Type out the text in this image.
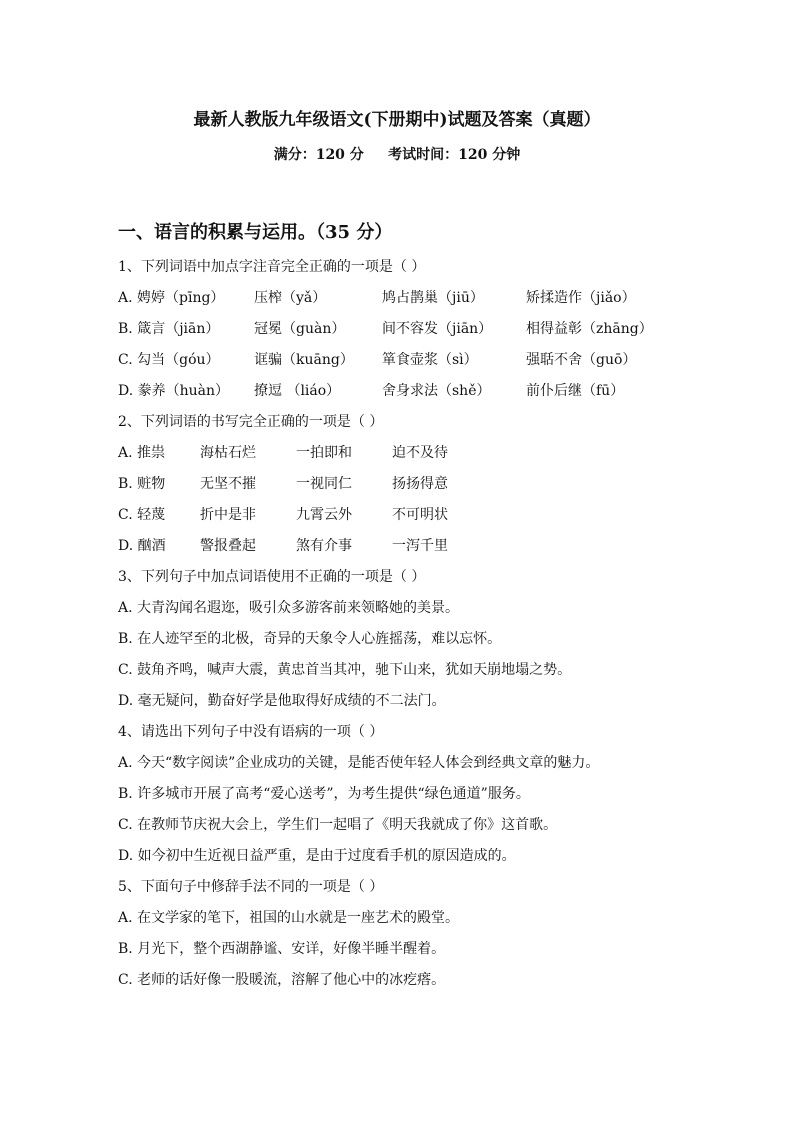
最新人教版九年级语文(下册期中)试题及答案（真题）
满分：120 分     考试时间：120 分钟
一、语言的积累与运用。（35 分）
1、下列词语中加点字注音完全正确的一项是（ ）
A. 娉婷（pīng） 压榨（yǎ）	鸠占鹊巢（jiū）	矫揉造作（jiǎo）
B. 箴言（jiān） 冠冕（guàn）	间不容发（jiān） 相得益彰（zhāng）
C. 勾当（góu） 诓骗（kuāng） 箪食壶浆（sì）	强聒不舍（guō）
D. 豢养（huàn） 撩逗 （liáo）	舍身求法（shě）	前仆后继（fū）
2、下列词语的书写完全正确的一项是（ ）
A. 推祟 海枯石烂	一拍即和	迫不及待
B. 赃物 无坚不摧	一视同仁	扬扬得意
C. 轻蔑 折中是非	九霄云外	不可明状
D. 酗酒 警报叠起	煞有介事	一泻千里
3、下列句子中加点词语使用不正确的一项是（ ）
A. 大青沟闻名遐迩，吸引众多游客前来领略她的美景。
B. 在人迹罕至的北极，奇异的天象令人心旌摇荡，难以忘怀。
C. 鼓角齐鸣，喊声大震，黄忠首当其冲，驰下山来，犹如天崩地塌之势。
D. 毫无疑问，勤奋好学是他取得好成绩的不二法门。
4、请选出下列句子中没有语病的一项（ ）
A. 今天“数字阅读”企业成功的关键，是能否使年轻人体会到经典文章的魅力。
B. 许多城市开展了高考“爱心送考”，为考生提供“绿色通道”服务。
C. 在教师节庆祝大会上，学生们一起唱了《明天我就成了你》这首歌。
D. 如今初中生近视日益严重，是由于过度看手机的原因造成的。
5、下面句子中修辞手法不同的一项是（ ）
A. 在文学家的笔下，祖国的山水就是一座艺术的殿堂。
B. 月光下，整个西湖静谧、安详，好像半睡半醒着。
C. 老师的话好像一股暖流，溶解了他心中的冰疙瘩。
